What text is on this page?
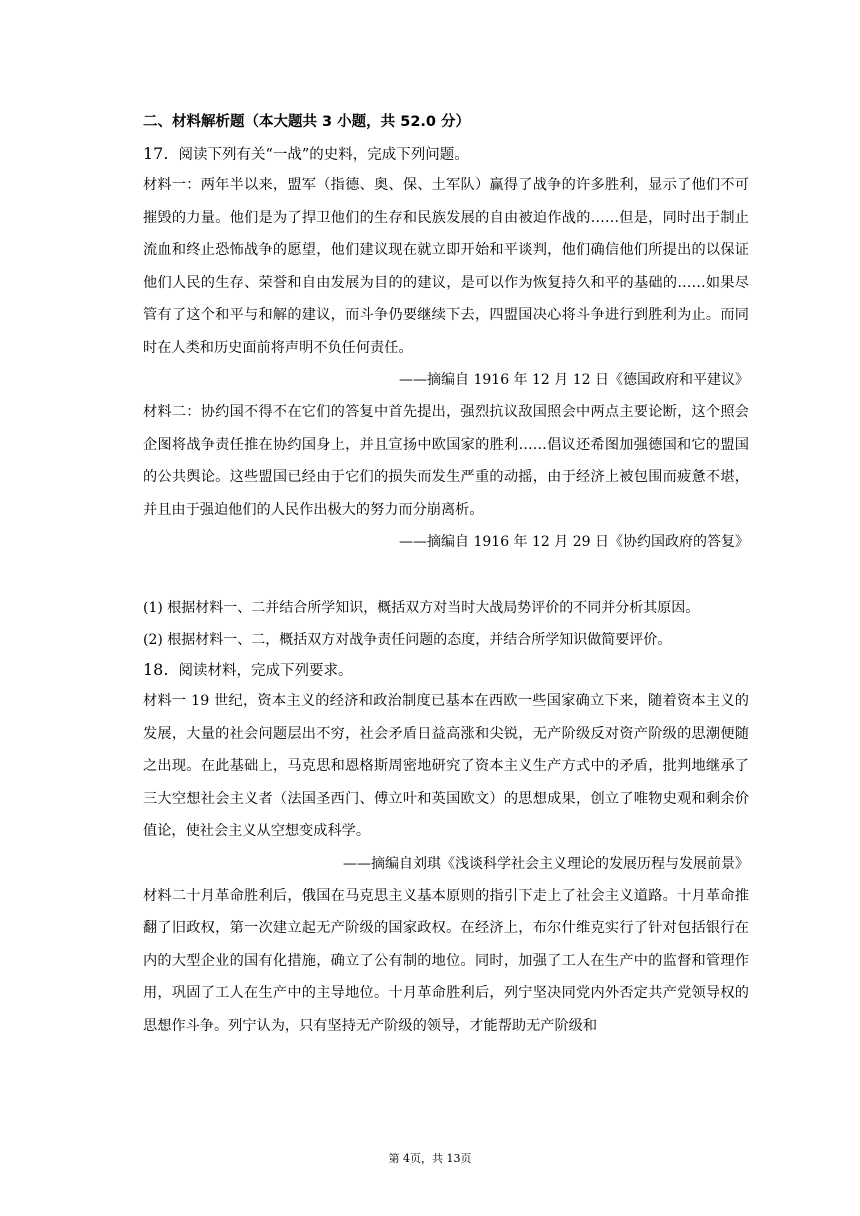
二、材料解析题（本大题共 3 小题，共 52.0 分）

17. 阅读下列有关“一战”的史料，完成下列问题。

材料一：两年半以来，盟军（指德、奥、保、土军队）赢得了战争的许多胜利，显示了他们不可摧毁的力量。他们是为了捍卫他们的生存和民族发展的自由被迫作战的……但是，同时出于制止流血和终止恐怖战争的愿望，他们建议现在就立即开始和平谈判，他们确信他们所提出的以保证他们人民的生存、荣誉和自由发展为目的的建议，是可以作为恢复持久和平的基础的……如果尽管有了这个和平与和解的建议，而斗争仍要继续下去，四盟国决心将斗争进行到胜利为止。而同时在人类和历史面前将声明不负任何责任。

——摘编自 1916 年 12 月 12 日《德国政府和平建议》

材料二：协约国不得不在它们的答复中首先提出，强烈抗议敌国照会中两点主要论断，这个照会企图将战争责任推在协约国身上，并且宣扬中欧国家的胜利……倡议还希图加强德国和它的盟国的公共舆论。这些盟国已经由于它们的损失而发生严重的动摇，由于经济上被包围而疲惫不堪，并且由于强迫他们的人民作出极大的努力而分崩离析。

——摘编自 1916 年 12 月 29 日《协约国政府的答复》

(1) 根据材料一、二并结合所学知识，概括双方对当时大战局势评价的不同并分析其原因。

(2) 根据材料一、二，概括双方对战争责任问题的态度，并结合所学知识做简要评价。

18. 阅读材料，完成下列要求。

材料一 19 世纪，资本主义的经济和政治制度已基本在西欧一些国家确立下来，随着资本主义的发展，大量的社会问题层出不穷，社会矛盾日益高涨和尖锐，无产阶级反对资产阶级的思潮便随之出现。在此基础上，马克思和恩格斯周密地研究了资本主义生产方式中的矛盾，批判地继承了三大空想社会主义者（法国圣西门、傅立叶和英国欧文）的思想成果，创立了唯物史观和剩余价值论，使社会主义从空想变成科学。

——摘编自刘琪《浅谈科学社会主义理论的发展历程与发展前景》

材料二十月革命胜利后，俄国在马克思主义基本原则的指引下走上了社会主义道路。十月革命推翻了旧政权，第一次建立起无产阶级的国家政权。在经济上，布尔什维克实行了针对包括银行在内的大型企业的国有化措施，确立了公有制的地位。同时，加强了工人在生产中的监督和管理作用，巩固了工人在生产中的主导地位。十月革命胜利后，列宁坚决同党内外否定共产党领导权的思想作斗争。列宁认为，只有坚持无产阶级的领导，才能帮助无产阶级和

第 4页，共 13页
